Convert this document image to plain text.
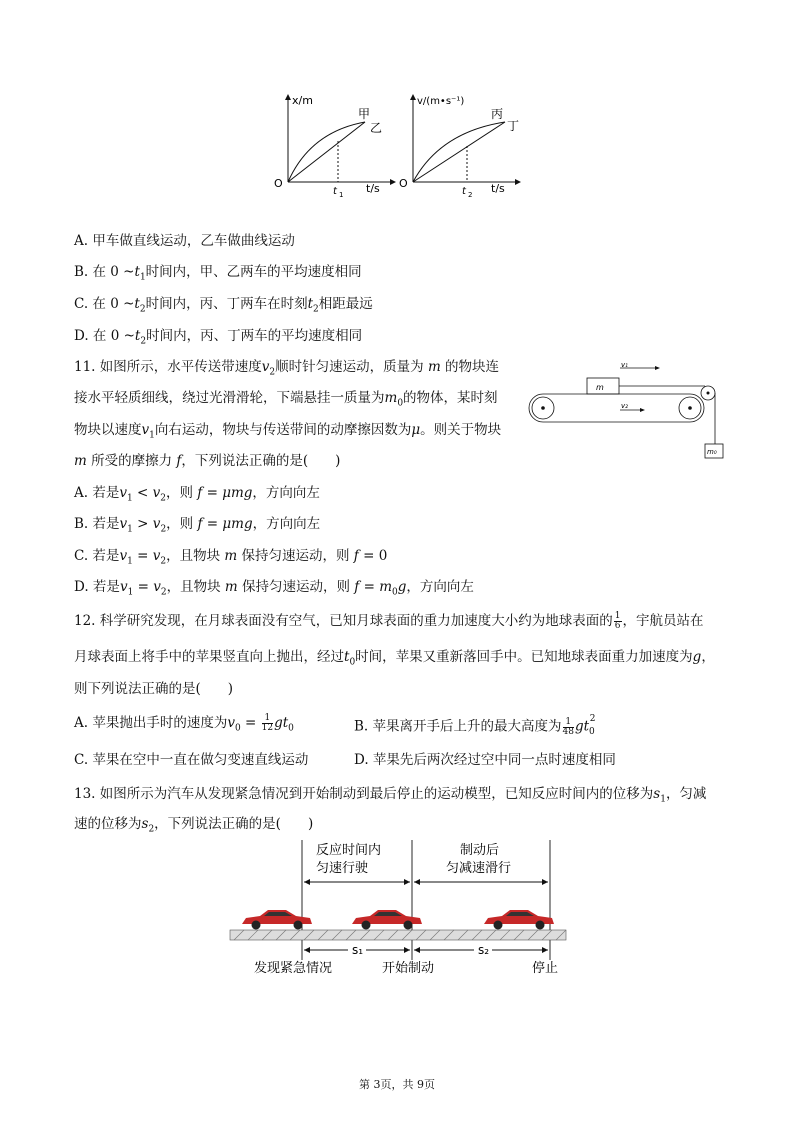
x/m
O
t 1 t/s
甲
乙
v/(m•s⁻¹)
O
t 2 t/s
丙
丁
A. 甲车做直线运动，乙车做曲线运动
B. 在 0 $\sim t_1$时间内，甲、乙两车的平均速度相同
C. 在 0 $\sim t_2$时间内，丙、丁两车在时刻$t_2$相距最远
D. 在 0 $\sim t_2$时间内，丙、丁两车的平均速度相同
11. 如图所示，水平传送带速度$v_2$顺时针匀速运动，质量为 m 的物块连
接水平轻质细线，绕过光滑滑轮，下端悬挂一质量为$m_0$的物体，某时刻
物块以速度$v_1$向右运动，物块与传送带间的动摩擦因数为μ。则关于物块
m 所受的摩擦力 f，下列说法正确的是(　　)
A. 若是$v_1 < v_2$，则 f = μmg，方向向左
B. 若是$v_1 > v_2$，则 f = μmg，方向向左
C. 若是$v_1 = v_2$，且物块 m 保持匀速运动，则 f = 0
D. 若是$v_1 = v_2$，且物块 m 保持匀速运动，则 $f = m_0g$，方向向左
v₁
m
v₂
m₀
12. 科学研究发现，在月球表面没有空气，已知月球表面的重力加速度大小约为地球表面的 $\frac{1}{6}$ ，宇航员站在
月球表面上将手中的苹果竖直向上抛出，经过$t_0$时间，苹果又重新落回手中。已知地球表面重力加速度为g，
则下列说法正确的是(　　)
A. 苹果抛出手时的速度为$v_0 = \frac{1}{12} gt_0$	B. 苹果离开手后上升的最大高度为 $\frac{1}{48} gt_0^2$
C. 苹果在空中一直在做匀变速直线运动	D. 苹果先后两次经过空中同一点时速度相同
13. 如图所示为汽车从发现紧急情况到开始制动到最后停止的运动模型，已知反应时间内的位移为$s_1$，匀减
速的位移为$s_2$，下列说法正确的是(　　)
反应时间内
匀速行驶
制动后
匀减速滑行
s₁	s₂
发现紧急情况	开始制动	停止
第 3页，共 9页
